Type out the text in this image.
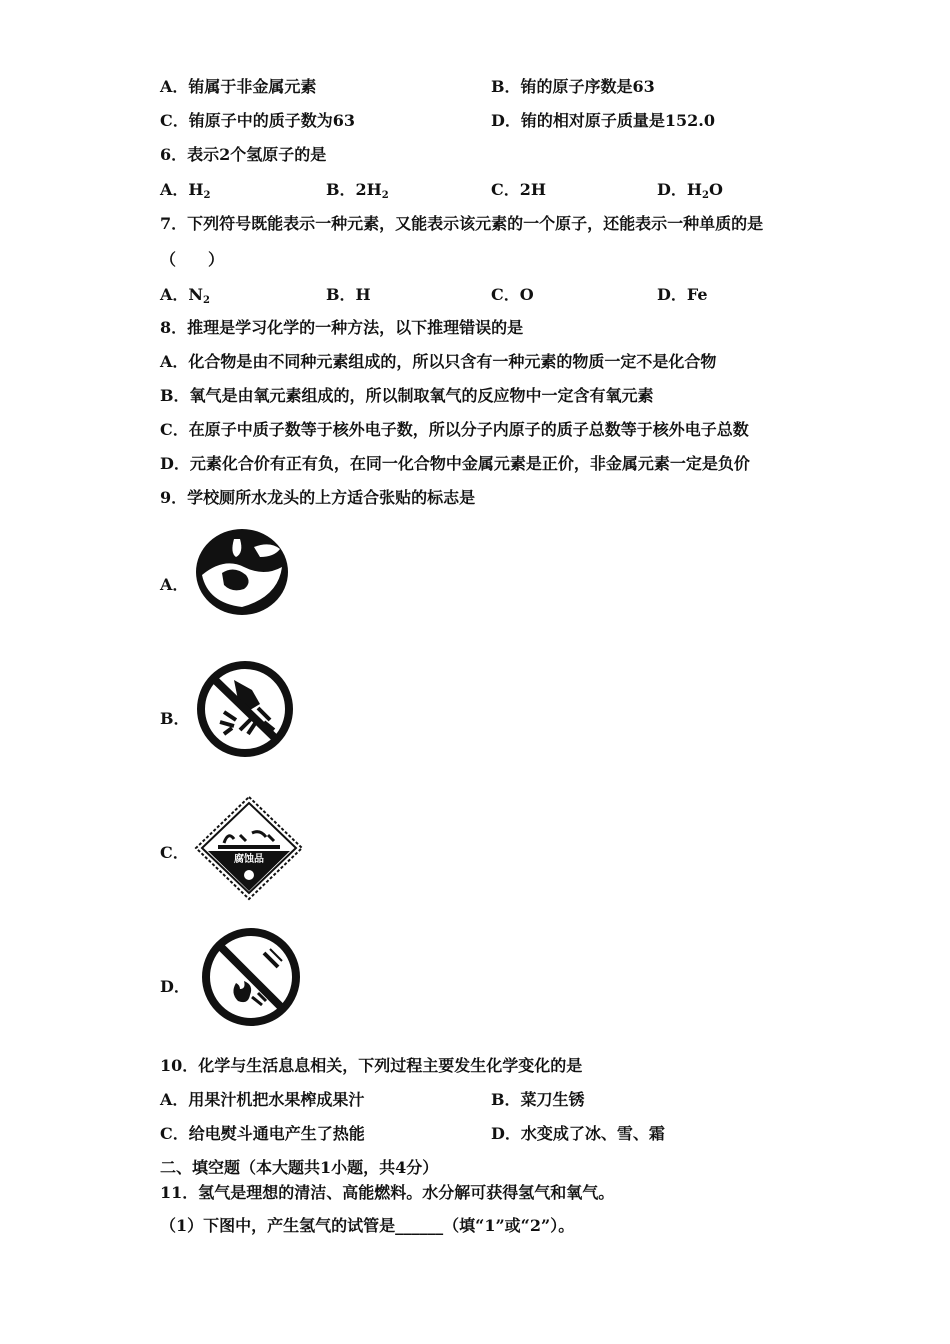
A．铕属于非金属元素	B．铕的原子序数是63
C．铕原子中的质子数为63	D．铕的相对原子质量是152.0
6．表示2个氢原子的是
A．$H_2$	B．$2H_2$	C．2H	D．$H_2O$
7．下列符号既能表示一种元素，又能表示该元素的一个原子，还能表示一种单质的是
（　　）
A．$N_2$	B．H	C．O	D．Fe
8．推理是学习化学的一种方法，以下推理错误的是
A．化合物是由不同种元素组成的，所以只含有一种元素的物质一定不是化合物
B．氧气是由氧元素组成的，所以制取氧气的反应物中一定含有氧元素
C．在原子中质子数等于核外电子数，所以分子内原子的质子总数等于核外电子总数
D．元素化合价有正有负，在同一化合物中金属元素是正价，非金属元素一定是负价
9．学校厕所水龙头的上方适合张贴的标志是
A．
B．
C．	腐蚀品
D．
10．化学与生活息息相关，下列过程主要发生化学变化的是
A．用果汁机把水果榨成果汁	B．菜刀生锈
C．给电熨斗通电产生了热能	D．水变成了冰、雪、霜
二、填空题（本大题共1小题，共4分）
11．氢气是理想的清洁、高能燃料。水分解可获得氢气和氧气。
（1）下图中，产生氢气的试管是______（填“1”或“2”）。
